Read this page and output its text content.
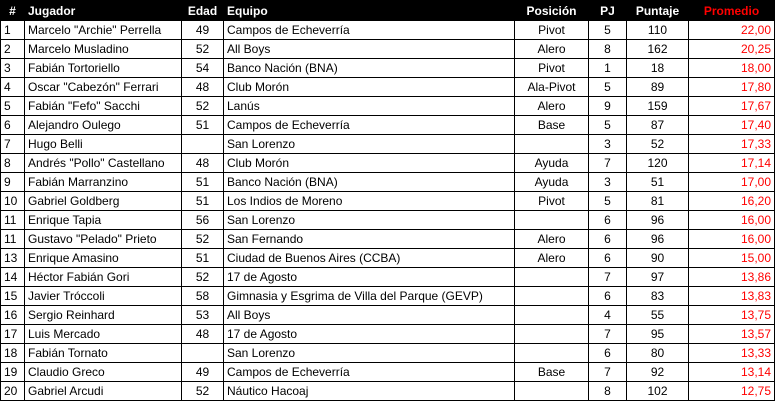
#	Jugador	Edad	Equipo	Posición	PJ	Puntaje	Promedio
1	Marcelo "Archie" Perrella	49	Campos de Echeverría	Pivot	5	110	22,00
2	Marcelo Musladino	52	All Boys	Alero	8	162	20,25
3	Fabián Tortoriello	54	Banco Nación (BNA)	Pivot	1	18	18,00
4	Oscar "Cabezón" Ferrari	48	Club Morón	Ala-Pivot	5	89	17,80
5	Fabián "Fefo" Sacchi	52	Lanús	Alero	9	159	17,67
6	Alejandro Oulego	51	Campos de Echeverría	Base	5	87	17,40
7	Hugo Belli		San Lorenzo		3	52	17,33
8	Andrés "Pollo" Castellano	48	Club Morón	Ayuda	7	120	17,14
9	Fabián Marranzino	51	Banco Nación (BNA)	Ayuda	3	51	17,00
10	Gabriel Goldberg	51	Los Indios de Moreno	Pivot	5	81	16,20
11	Enrique Tapia	56	San Lorenzo		6	96	16,00
11	Gustavo "Pelado" Prieto	52	San Fernando	Alero	6	96	16,00
13	Enrique Amasino	51	Ciudad de Buenos Aires (CCBA)	Alero	6	90	15,00
14	Héctor Fabián Gori	52	17 de Agosto		7	97	13,86
15	Javier Tróccoli	58	Gimnasia y Esgrima de Villa del Parque (GEVP)		6	83	13,83
16	Sergio Reinhard	53	All Boys		4	55	13,75
17	Luis Mercado	48	17 de Agosto		7	95	13,57
18	Fabián Tornato		San Lorenzo		6	80	13,33
19	Claudio Greco	49	Campos de Echeverría	Base	7	92	13,14
20	Gabriel Arcudi	52	Náutico Hacoaj		8	102	12,75
